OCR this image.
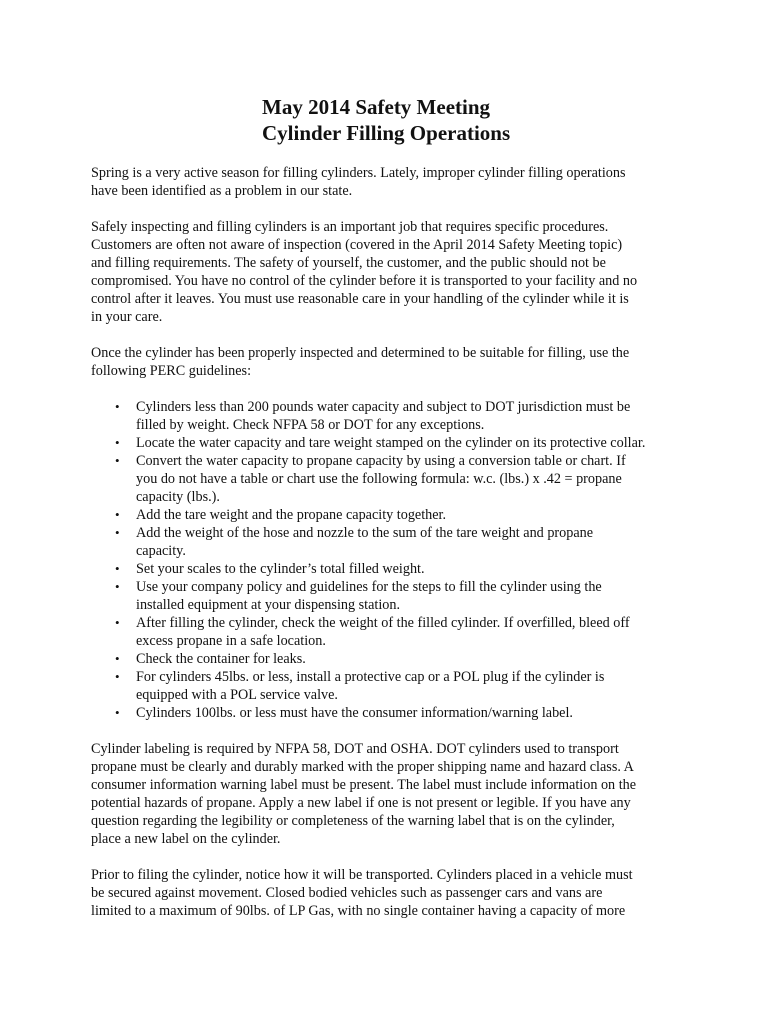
May 2014 Safety Meeting
Cylinder Filling Operations
Spring is a very active season for filling cylinders. Lately, improper cylinder filling operations
have been identified as a problem in our state.
Safely inspecting and filling cylinders is an important job that requires specific procedures.
Customers are often not aware of inspection (covered in the April 2014 Safety Meeting topic)
and filling requirements. The safety of yourself, the customer, and the public should not be
compromised. You have no control of the cylinder before it is transported to your facility and no
control after it leaves. You must use reasonable care in your handling of the cylinder while it is
in your care.
Once the cylinder has been properly inspected and determined to be suitable for filling, use the
following PERC guidelines:
• Cylinders less than 200 pounds water capacity and subject to DOT jurisdiction must be
filled by weight. Check NFPA 58 or DOT for any exceptions.
• Locate the water capacity and tare weight stamped on the cylinder on its protective collar.
• Convert the water capacity to propane capacity by using a conversion table or chart. If
you do not have a table or chart use the following formula: w.c. (lbs.) x .42 = propane
capacity (lbs.).
• Add the tare weight and the propane capacity together.
• Add the weight of the hose and nozzle to the sum of the tare weight and propane
capacity.
• Set your scales to the cylinder’s total filled weight.
• Use your company policy and guidelines for the steps to fill the cylinder using the
installed equipment at your dispensing station.
• After filling the cylinder, check the weight of the filled cylinder. If overfilled, bleed off
excess propane in a safe location.
• Check the container for leaks.
• For cylinders 45lbs. or less, install a protective cap or a POL plug if the cylinder is
equipped with a POL service valve.
• Cylinders 100lbs. or less must have the consumer information/warning label.
Cylinder labeling is required by NFPA 58, DOT and OSHA. DOT cylinders used to transport
propane must be clearly and durably marked with the proper shipping name and hazard class. A
consumer information warning label must be present. The label must include information on the
potential hazards of propane. Apply a new label if one is not present or legible. If you have any
question regarding the legibility or completeness of the warning label that is on the cylinder,
place a new label on the cylinder.
Prior to filing the cylinder, notice how it will be transported. Cylinders placed in a vehicle must
be secured against movement. Closed bodied vehicles such as passenger cars and vans are
limited to a maximum of 90lbs. of LP Gas, with no single container having a capacity of more
